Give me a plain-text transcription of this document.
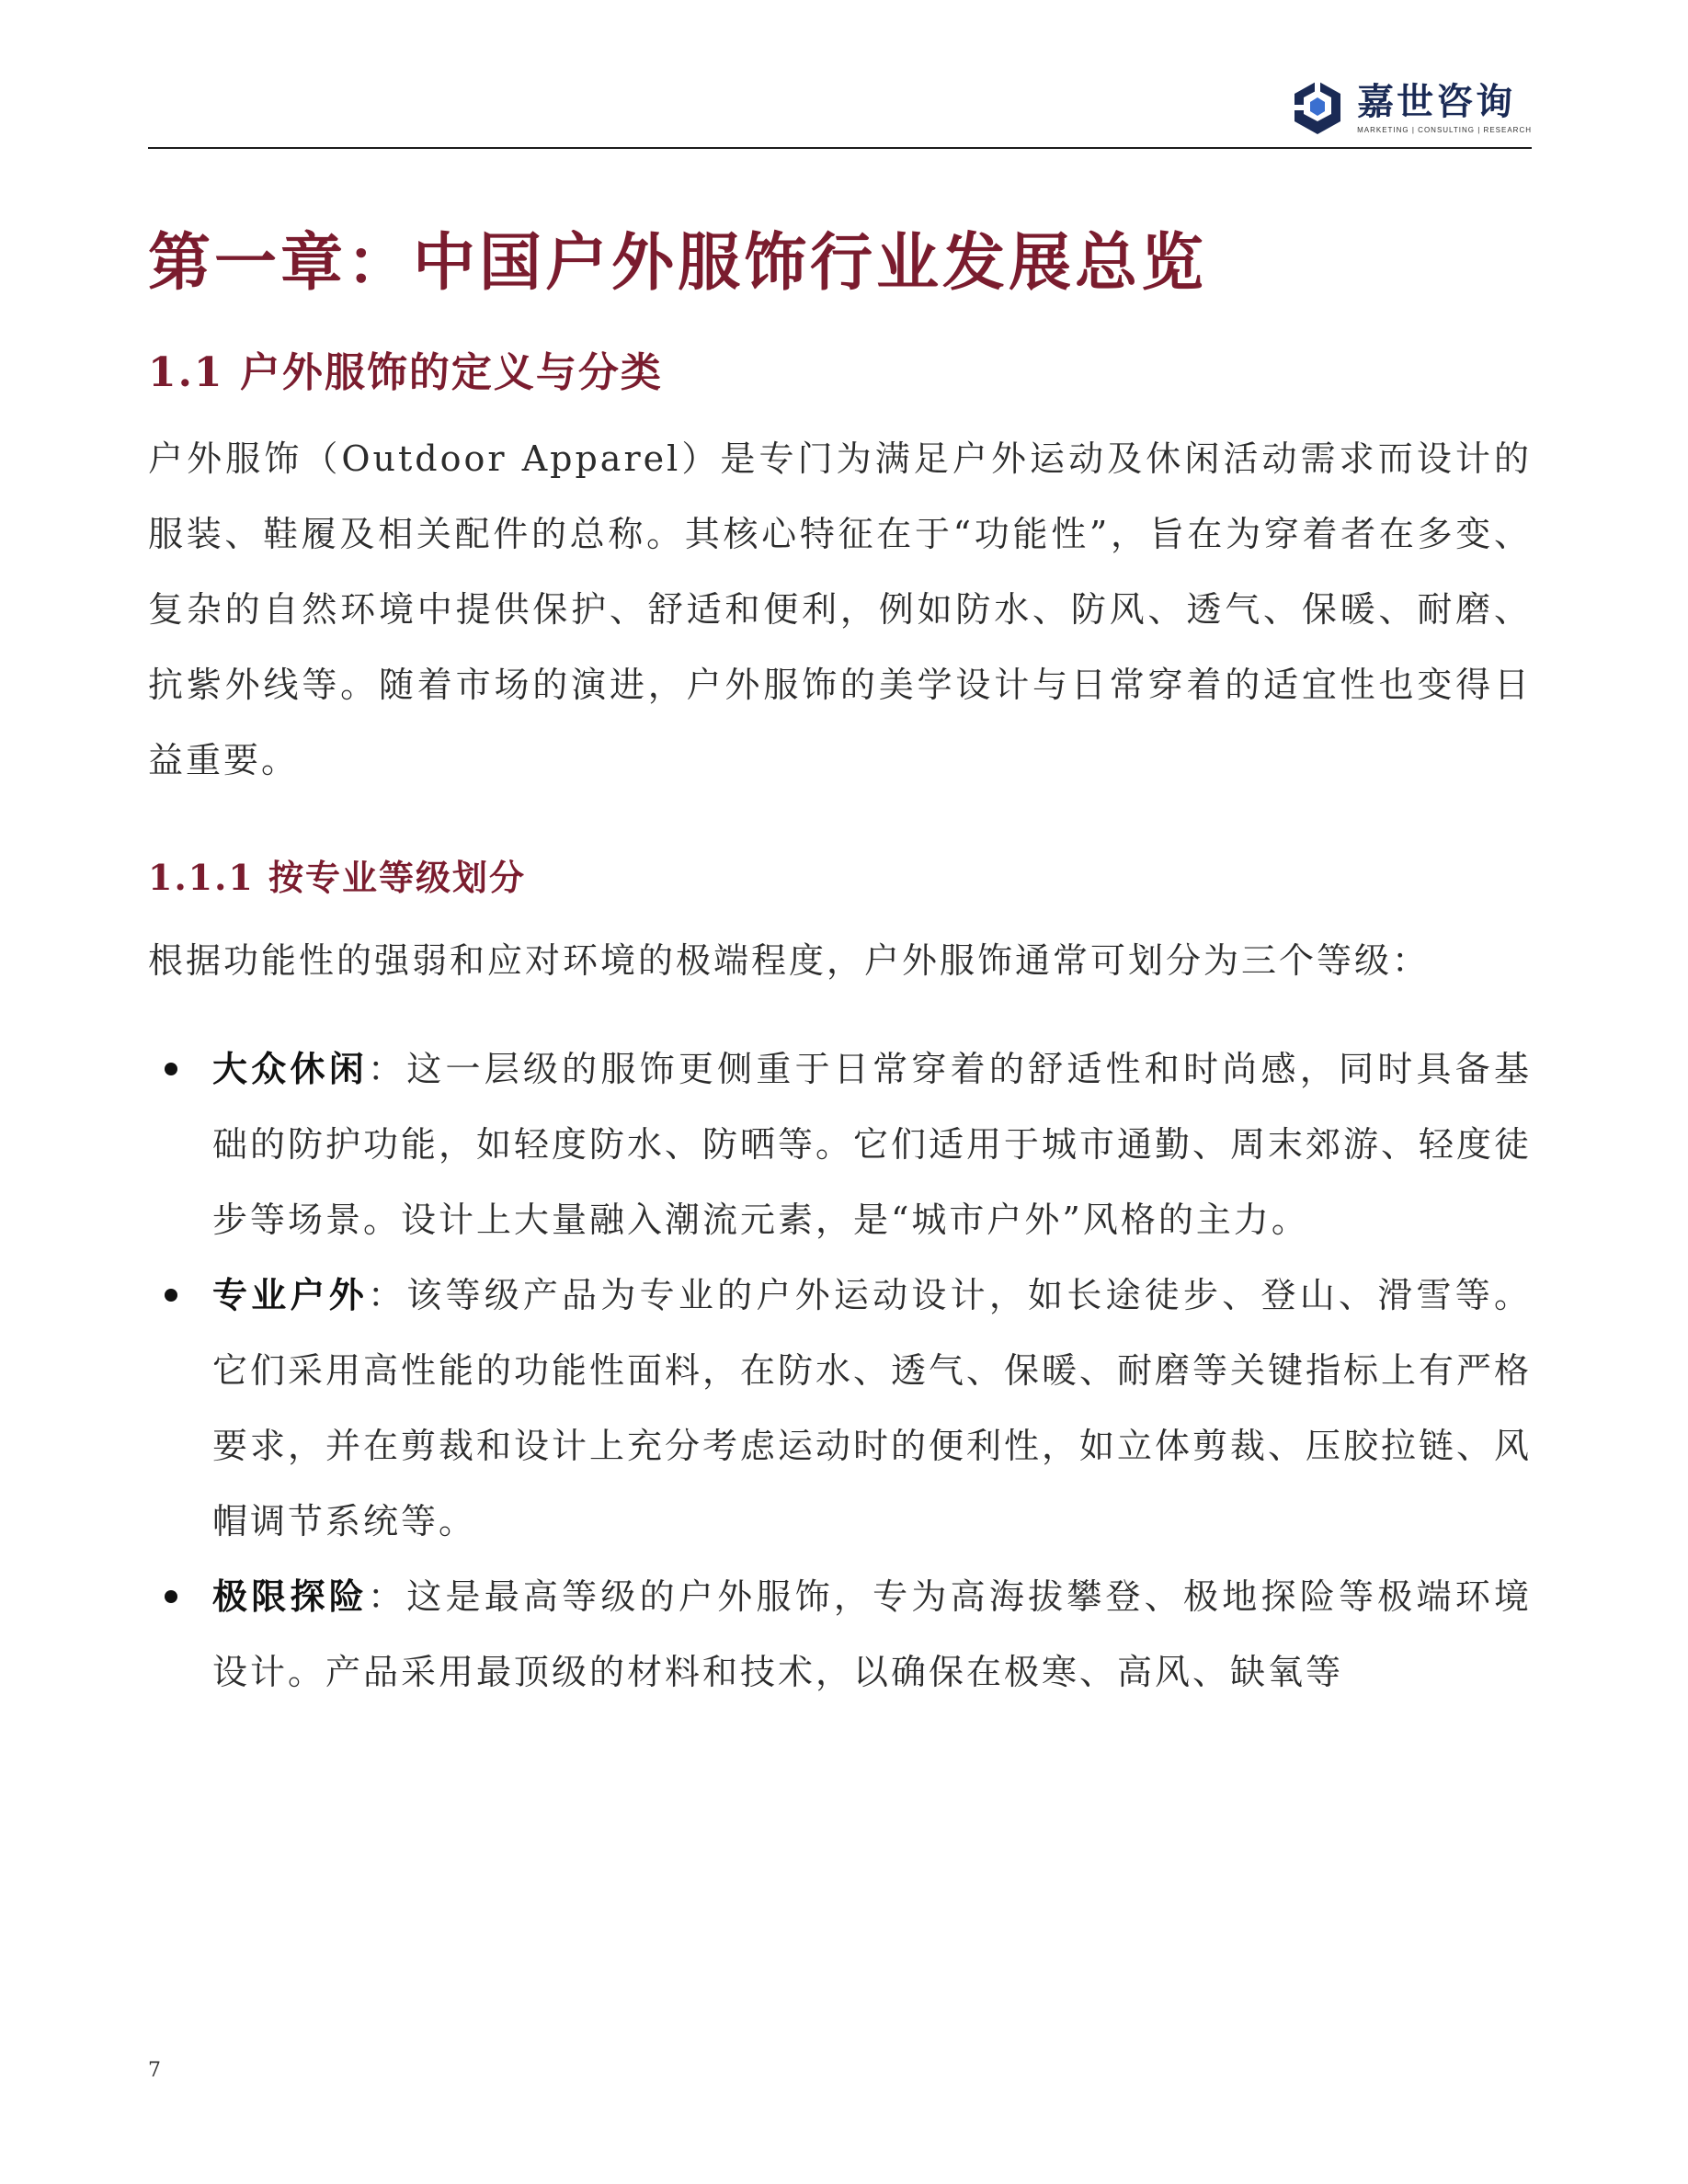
嘉世咨询
MARKETING | CONSULTING | RESEARCH
第一章：中国户外服饰行业发展总览
1.1 户外服饰的定义与分类

户外服饰（Outdoor Apparel）是专门为满足户外运动及休闲活动需求而设计的服装、鞋履及相关配件的总称。其核心特征在于“功能性”，旨在为穿着者在多变、复杂的自然环境中提供保护、舒适和便利，例如防水、防风、透气、保暖、耐磨、抗紫外线等。随着市场的演进，户外服饰的美学设计与日常穿着的适宜性也变得日益重要。

1.1.1 按专业等级划分

根据功能性的强弱和应对环境的极端程度，户外服饰通常可划分为三个等级：

大众休闲：这一层级的服饰更侧重于日常穿着的舒适性和时尚感，同时具备基础的防护功能，如轻度防水、防晒等。它们适用于城市通勤、周末郊游、轻度徒步等场景。设计上大量融入潮流元素，是“城市户外”风格的主力。
专业户外：该等级产品为专业的户外运动设计，如长途徒步、登山、滑雪等。它们采用高性能的功能性面料，在防水、透气、保暖、耐磨等关键指标上有严格要求，并在剪裁和设计上充分考虑运动时的便利性，如立体剪裁、压胶拉链、风帽调节系统等。
极限探险：这是最高等级的户外服饰，专为高海拔攀登、极地探险等极端环境设计。产品采用最顶级的材料和技术，以确保在极寒、高风、缺氧等
7
